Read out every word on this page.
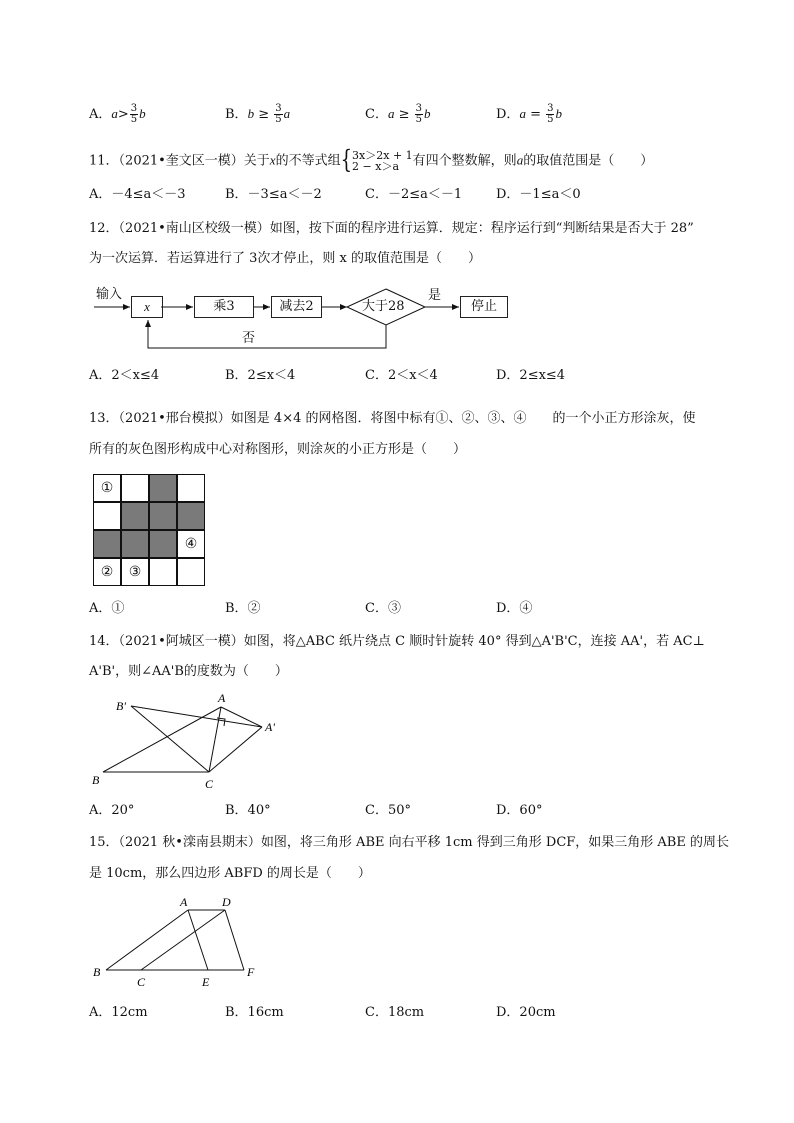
A．$a> \frac{3}{5}$ b	B．$b \ge \frac{3}{5}$ a	C．$a \ge \frac{3}{5}$ b	D．$a = \frac{3}{5}$ b
11．（2021•奎文区一模）关于x的不等式组{ 3x＞2x + 1
2 − x＞a	有四个整数解，则a的取值范围是（　　）
A．－4≤a＜－3	B．－3≤a＜－2	C．－2≤a＜－1	D．－1≤a＜0
12．（2021•南山区校级一模）如图，按下面的程序进行运算．规定：程序运行到“判断结果是否大于 28”
为一次运算．若运算进行了 3次才停止，则 x 的取值范围是（　　）
输入
x	乘3	减去2	大于28
是
停止
否
A．2＜x≤4	B．2≤x＜4	C．2＜x＜4	D．2≤x≤4
13．（2021•邢台模拟）如图是 4×4 的网格图．将图中标有①、②、③、④　　的一个小正方形涂灰，使
所有的灰色图形构成中心对称图形，则涂灰的小正方形是（　　）
①
④
②	③
A．①	B．②	C．③	D．④
14．（2021•阿城区一模）如图，将△ABC 纸片绕点 C 顺时针旋转 40° 得到△A'B'C，连接 AA'，若 AC⊥
A'B'，则∠AA'B的度数为（　　）
B'
A
A'
B	C
A．20°	B．40°	C．50°	D．60°
15．（2021 秋•滦南县期末）如图，将三角形 ABE 向右平移 1cm 得到三角形 DCF，如果三角形 ABE 的周长
是 10cm，那么四边形 ABFD 的周长是（　　）
A	D
B
C	E
F
A．12cm	B．16cm	C．18cm	D．20cm
